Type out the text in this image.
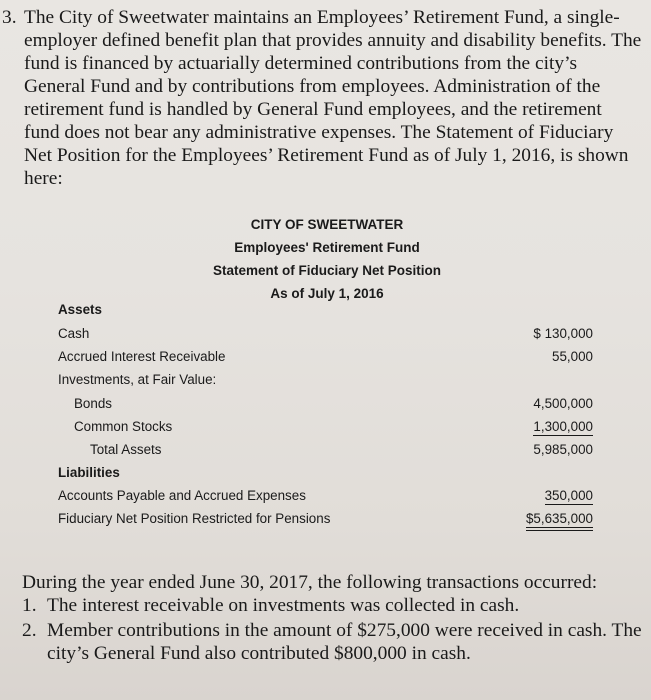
3. The City of Sweetwater maintains an Employees’ Retirement Fund, a single-employer defined benefit plan that provides annuity and disability benefits. The fund is financed by actuarially determined contributions from the city’s General Fund and by contributions from employees. Administration of the retirement fund is handled by General Fund employees, and the retirement fund does not bear any administrative expenses. The Statement of Fiduciary Net Position for the Employees’ Retirement Fund as of July 1, 2016, is shown here:
CITY OF SWEETWATER
Employees' Retirement Fund
Statement of Fiduciary Net Position
As of July 1, 2016
Assets
Cash	$ 130,000
Accrued Interest Receivable	55,000
Investments, at Fair Value:
Bonds	4,500,000
Common Stocks	1,300,000
Total Assets	5,985,000
Liabilities
Accounts Payable and Accrued Expenses	350,000
Fiduciary Net Position Restricted for Pensions	$5,635,000
During the year ended June 30, 2017, the following transactions occurred:
1. The interest receivable on investments was collected in cash.
2. Member contributions in the amount of $275,000 were received in cash. The city’s General Fund also contributed $800,000 in cash.
